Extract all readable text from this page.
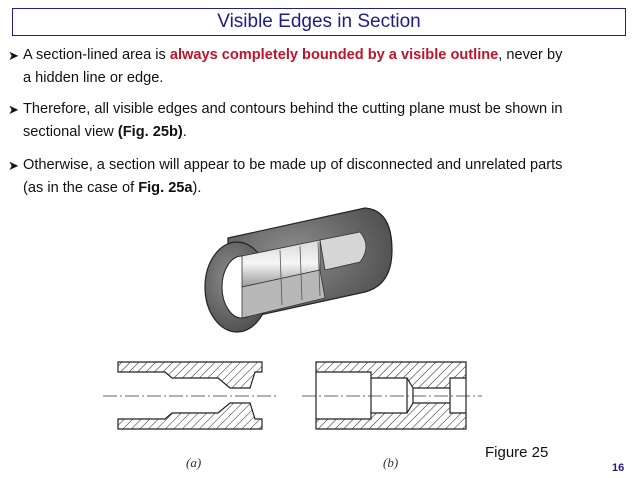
Visible Edges in Section
➤ A section-lined area is always completely bounded by a visible outline, never by
a hidden line or edge.
➤ Therefore, all visible edges and contours behind the cutting plane must be shown in
sectional view (Fig. 25b).
➤ Otherwise, a section will appear to be made up of disconnected and unrelated parts
(as in the case of Fig. 25a).
(a)	(b)
Figure 25
16
